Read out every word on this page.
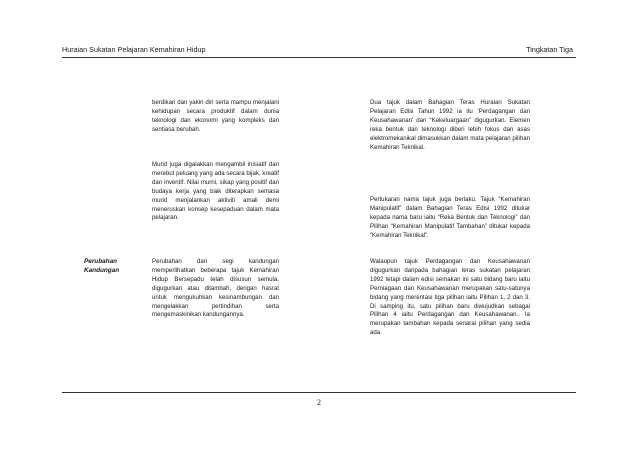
Huraian Sukatan Pelajaran Kemahiran Hidup	Tingkatan Tiga
Perubahan
Kandungan

berdikari dan yakin diri serta mampu menjalani kehidupan secara produktif dalam dunia teknologi dan ekonomi yang kompleks dan sentiasa berubah.

Murid juga digalakkan mengambil inisiatif dan merebut peluang yang ada secara bijak, kreatif dan inventif. Nilai murni, sikap yang positif dan budaya kerja yang baik diterapkan semasa murid menjalankan aktiviti amali demi meneruskan konsep kesepaduan dalam mata pelajaran.

Perubahan dari segi kandungan memperlihatkan beberapa tajuk Kemahiran Hidup Bersepadu telah disusun semula, digugurkan atau ditambah, dengan hasrat untuk mengukuhkan kesinambungan dan mengelakkan pertindihan serta mengemaskinikan kandungannya.

Dua tajuk dalam Bahagian Teras Huraian Sukatan Pelajaran Edisi Tahun 1992 ia itu ‘Perdagangan dan Keusahawanan’ dan “Kekeluargaan” digugurkan. Elemen reka bentuk dan teknologi diberi lebih fokus dan asas elektromekanikal dimasukkan dalam mata pelajaran pilihan Kemahiran Teknikal.

Pertukaran nama tajuk juga berlaku. Tajuk “Kemahiran Manipulatif” dalam Bahagian Teras Edisi 1992 ditukar kepada nama baru iaitu “Reka Bentuk dan Teknologi” dan Pilihan “Kemahiran Manipulatif Tambahan” ditukar kepada “Kemahiran Teknikal”.

Walaupun tajuk Perdagangan dan Keusahawanan digugurkan daripada bahagian teras sukatan pelajaran 1992 tetapi dalam edisi semakan ini satu bidang baru iaitu Perniagaan dan Keusahawanan merupakan satu-satunya bidang yang merentasi tiga pilihan iaitu Pilihan 1, 2 dan 3. Di samping itu, satu pilihan baru diwujudkan sebagai Pilihan 4 iaitu Perdagangan dan Keusahawanan.. Ia merupakan tambahan kepada senarai pilihan yang sedia ada.

2
